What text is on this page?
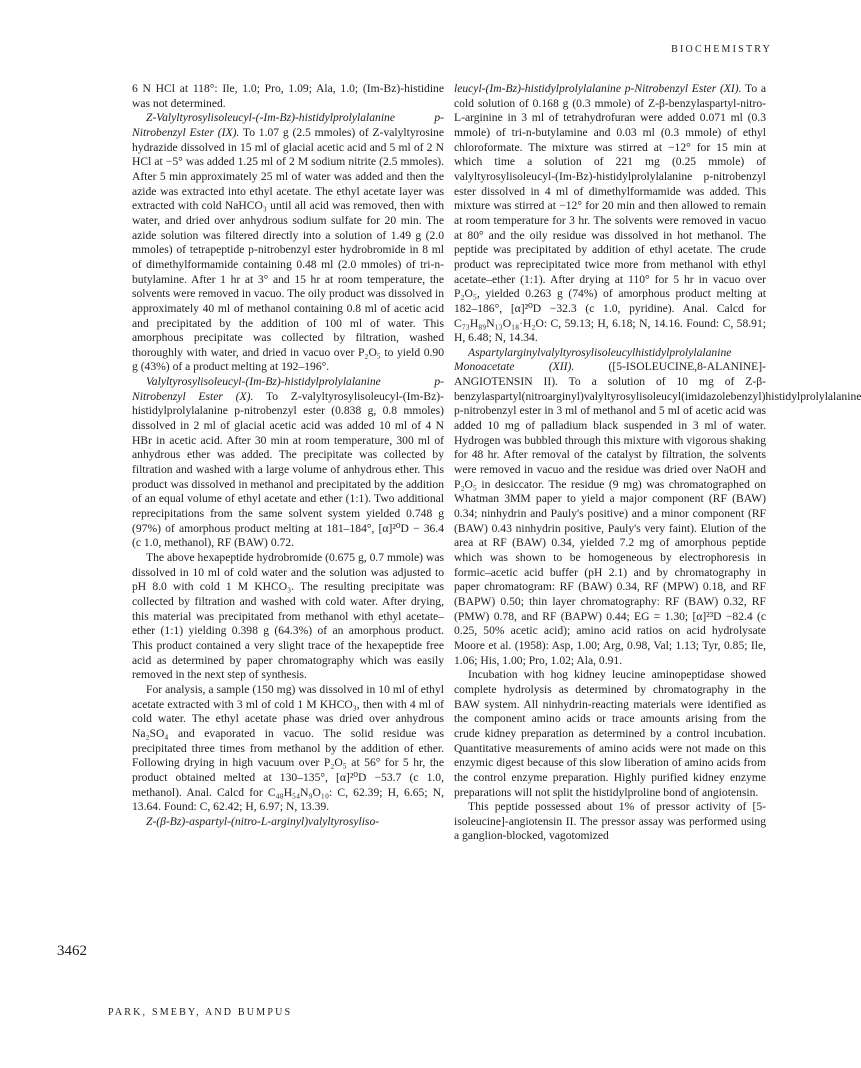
BIOCHEMISTRY

6 N HCl at 118°: Ile, 1.0; Pro, 1.09; Ala, 1.0; (Im-Bz)-histidine was not determined.

Z-Valyltyrosylisoleucyl-(-Im-Bz)-histidylprolylalanine p-Nitrobenzyl Ester (IX). To 1.07 g (2.5 mmoles) of Z-valyltyrosine hydrazide dissolved in 15 ml of glacial acetic acid and 5 ml of 2 N HCl at −5° was added 1.25 ml of 2 M sodium nitrite (2.5 mmoles). After 5 min approximately 25 ml of water was added and then the azide was extracted into ethyl acetate. The ethyl acetate layer was extracted with cold NaHCO₃ until all acid was removed, then with water, and dried over anhydrous sodium sulfate for 20 min. The azide solution was filtered directly into a solution of 1.49 g (2.0 mmoles) of tetrapeptide p-nitrobenzyl ester hydrobromide in 8 ml of dimethylformamide containing 0.48 ml (2.0 mmoles) of tri-n-butylamine. After 1 hr at 3° and 15 hr at room temperature, the solvents were removed in vacuo. The oily product was dissolved in approximately 40 ml of methanol containing 0.8 ml of acetic acid and precipitated by the addition of 100 ml of water. This amorphous precipitate was collected by filtration, washed thoroughly with water, and dried in vacuo over P₂O₅ to yield 0.90 g (43%) of a product melting at 192–196°.

Valyltyrosylisoleucyl-(Im-Bz)-histidylprolylalanine p-Nitrobenzyl Ester (X). To Z-valyltyrosylisoleucyl-(Im-Bz)-histidylprolylalanine p-nitrobenzyl ester (0.838 g, 0.8 mmoles) dissolved in 2 ml of glacial acetic acid was added 10 ml of 4 N HBr in acetic acid. After 30 min at room temperature, 300 ml of anhydrous ether was added. The precipitate was collected by filtration and washed with a large volume of anhydrous ether. This product was dissolved in methanol and precipitated by the addition of an equal volume of ethyl acetate and ether (1:1). Two additional reprecipitations from the same solvent system yielded 0.748 g (97%) of amorphous product melting at 181–184°, [α]²⁰D − 36.4 (c 1.0, methanol), RF (BAW) 0.72.

The above hexapeptide hydrobromide (0.675 g, 0.7 mmole) was dissolved in 10 ml of cold water and the solution was adjusted to pH 8.0 with cold 1 M KHCO₃. The resulting precipitate was collected by filtration and washed with cold water. After drying, this material was precipitated from methanol with ethyl acetate–ether (1:1) yielding 0.398 g (64.3%) of an amorphous product. This product contained a very slight trace of the hexapeptide free acid as determined by paper chromatography which was easily removed in the next step of synthesis.

For analysis, a sample (150 mg) was dissolved in 10 ml of ethyl acetate extracted with 3 ml of cold 1 M KHCO₃, then with 4 ml of cold water. The ethyl acetate phase was dried over anhydrous Na₂SO₄ and evaporated in vacuo. The solid residue was precipitated three times from methanol by the addition of ether. Following drying in high vacuum over P₂O₅ at 56° for 5 hr, the product obtained melted at 130–135°, [α]²⁰D −53.7 (c 1.0, methanol). Anal. Calcd for C₄₈H₅₄N₉O₁₀: C, 62.39; H, 6.65; N, 13.64. Found: C, 62.42; H, 6.97; N, 13.39.

Z-(β-Bz)-aspartyl-(nitro-L-arginyl)valyltyrosyliso-

leucyl-(Im-Bz)-histidylprolylalanine p-Nitrobenzyl Ester (XI). To a cold solution of 0.168 g (0.3 mmole) of Z-β-benzylaspartyl-nitro-L-arginine in 3 ml of tetrahydrofuran were added 0.071 ml (0.3 mmole) of tri-n-butylamine and 0.03 ml (0.3 mmole) of ethyl chloroformate. The mixture was stirred at −12° for 15 min at which time a solution of 221 mg (0.25 mmole) of valyltyrosylisoleucyl-(Im-Bz)-histidylprolylalanine p-nitrobenzyl ester dissolved in 4 ml of dimethylformamide was added. This mixture was stirred at −12° for 20 min and then allowed to remain at room temperature for 3 hr. The solvents were removed in vacuo at 80° and the oily residue was dissolved in hot methanol. The peptide was precipitated by addition of ethyl acetate. The crude product was reprecipitated twice more from methanol with ethyl acetate–ether (1:1). After drying at 110° for 5 hr in vacuo over P₂O₅, yielded 0.263 g (74%) of amorphous product melting at 182–186°, [α]²⁰D −32.3 (c 1.0, pyridine). Anal. Calcd for C₇₃H₈₉N₁₃O₁₈·H₂O: C, 59.13; H, 6.18; N, 14.16. Found: C, 58.91; H, 6.48; N, 14.34.

Aspartylarginylvalyltyrosylisoleucylhistidylprolylalanine Monoacetate (XII). ([5-ISOLEUCINE,8-ALANINE]-ANGIOTENSIN II). To a solution of 10 mg of Z-β-benzylaspartyl(nitroarginyl)valyltyrosylisoleucyl(imidazolebenzyl)histidylprolylalanine p-nitrobenzyl ester in 3 ml of methanol and 5 ml of acetic acid was added 10 mg of palladium black suspended in 3 ml of water. Hydrogen was bubbled through this mixture with vigorous shaking for 48 hr. After removal of the catalyst by filtration, the solvents were removed in vacuo and the residue was dried over NaOH and P₂O₅ in desiccator. The residue (9 mg) was chromatographed on Whatman 3MM paper to yield a major component (RF (BAW) 0.34; ninhydrin and Pauly's positive) and a minor component (RF (BAW) 0.43 ninhydrin positive, Pauly's very faint). Elution of the area at RF (BAW) 0.34, yielded 7.2 mg of amorphous peptide which was shown to be homogeneous by electrophoresis in formic–acetic acid buffer (pH 2.1) and by chromatography in paper chromatogram: RF (BAW) 0.34, RF (MPW) 0.18, and RF (BAPW) 0.50; thin layer chromatography: RF (BAW) 0.32, RF (PMW) 0.78, and RF (BAPW) 0.44; EG = 1.30; [α]²³D −82.4 (c 0.25, 50% acetic acid); amino acid ratios on acid hydrolysate Moore et al. (1958): Asp, 1.00; Arg, 0.98, Val; 1.13; Tyr, 0.85; Ile, 1.06; His, 1.00; Pro, 1.02; Ala, 0.91.

Incubation with hog kidney leucine aminopeptidase showed complete hydrolysis as determined by chromatography in the BAW system. All ninhydrin-reacting materials were identified as the component amino acids or trace amounts arising from the crude kidney preparation as determined by a control incubation. Quantitative measurements of amino acids were not made on this enzymic digest because of this slow liberation of amino acids from the control enzyme preparation. Highly purified kidney enzyme preparations will not split the histidylproline bond of angiotensin.

This peptide possessed about 1% of pressor activity of [5-isoleucine]-angiotensin II. The pressor assay was performed using a ganglion-blocked, vagotomized

3462
PARK, SMEBY, AND BUMPUS
